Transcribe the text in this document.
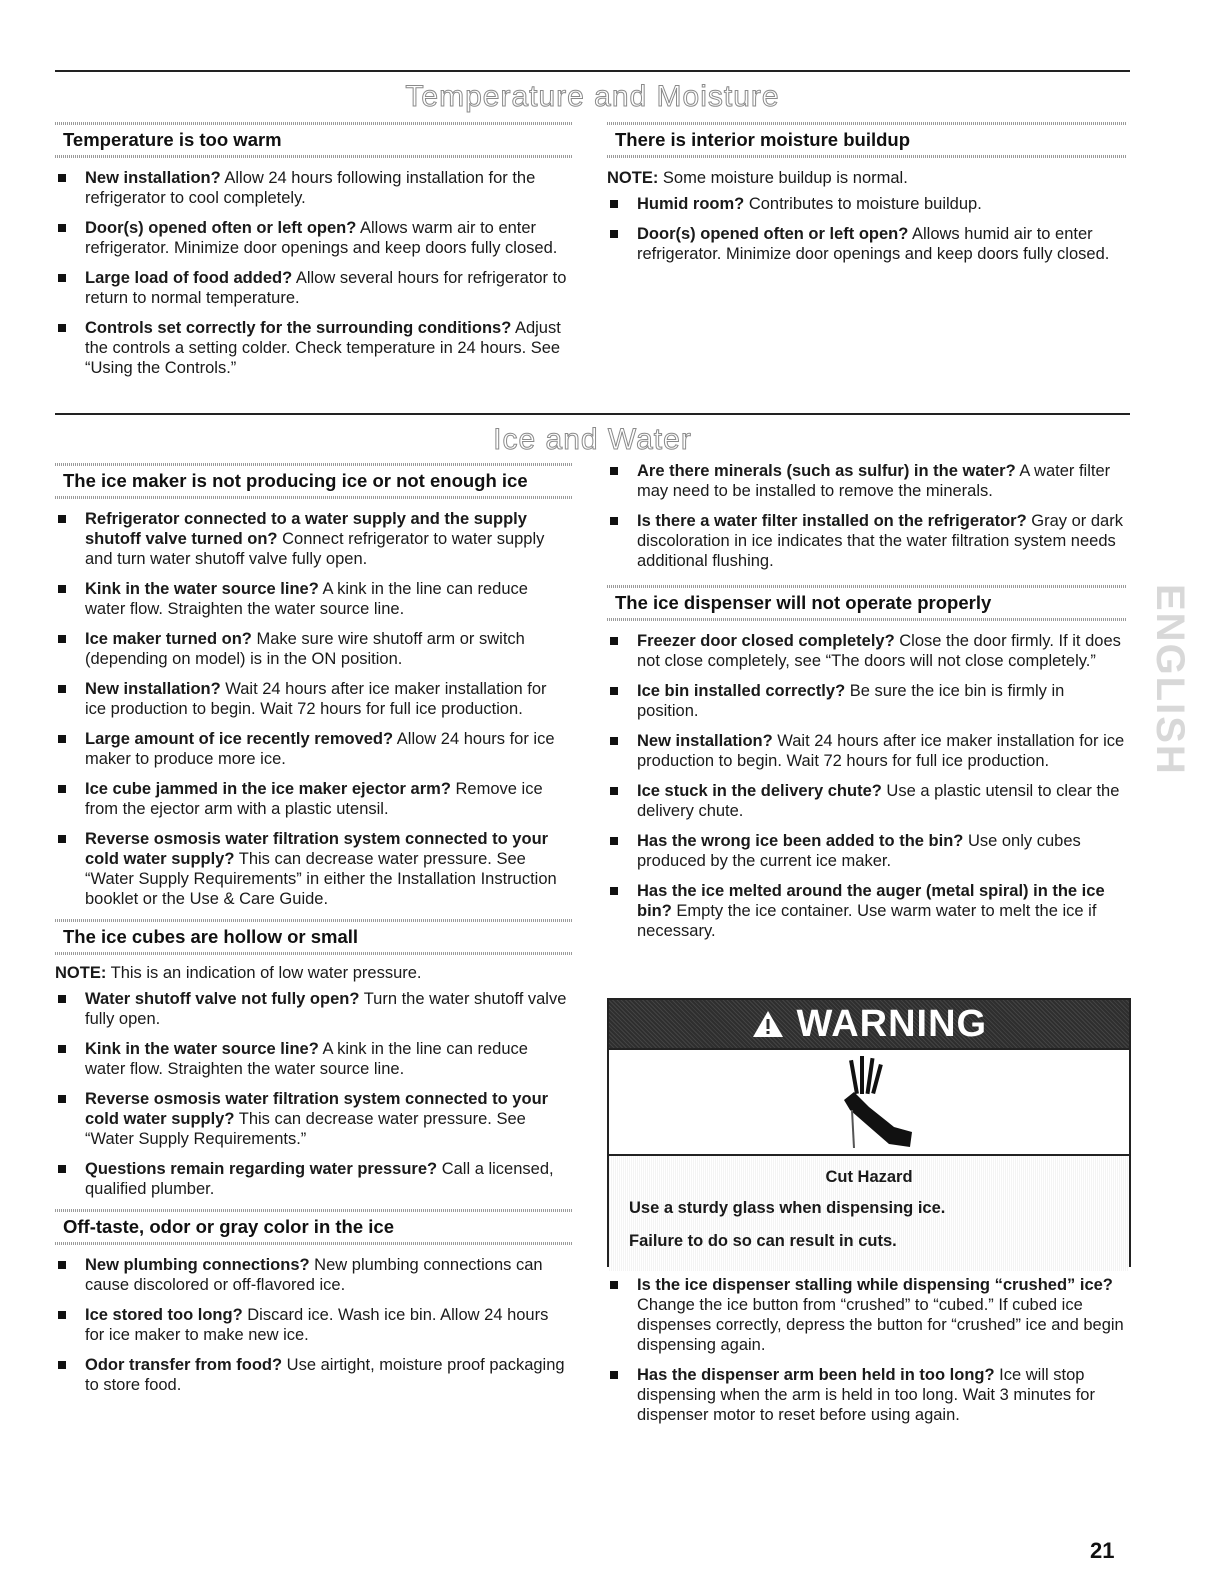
Temperature and Moisture
Temperature is too warm
New installation? Allow 24 hours following installation for the refrigerator to cool completely.
Door(s) opened often or left open? Allows warm air to enter refrigerator. Minimize door openings and keep doors fully closed.
Large load of food added? Allow several hours for refrigerator to return to normal temperature.
Controls set correctly for the surrounding conditions? Adjust the controls a setting colder. Check temperature in 24 hours. See “Using the Controls.”
There is interior moisture buildup
NOTE: Some moisture buildup is normal.
Humid room? Contributes to moisture buildup.
Door(s) opened often or left open? Allows humid air to enter refrigerator. Minimize door openings and keep doors fully closed.
Ice and Water
The ice maker is not producing ice or not enough ice
Refrigerator connected to a water supply and the supply shutoff valve turned on? Connect refrigerator to water supply and turn water shutoff valve fully open.
Kink in the water source line? A kink in the line can reduce water flow. Straighten the water source line.
Ice maker turned on? Make sure wire shutoff arm or switch (depending on model) is in the ON position.
New installation? Wait 24 hours after ice maker installation for ice production to begin. Wait 72 hours for full ice production.
Large amount of ice recently removed? Allow 24 hours for ice maker to produce more ice.
Ice cube jammed in the ice maker ejector arm? Remove ice from the ejector arm with a plastic utensil.
Reverse osmosis water filtration system connected to your cold water supply? This can decrease water pressure. See “Water Supply Requirements” in either the Installation Instruction booklet or the Use & Care Guide.
The ice cubes are hollow or small
NOTE: This is an indication of low water pressure.
Water shutoff valve not fully open? Turn the water shutoff valve fully open.
Kink in the water source line? A kink in the line can reduce water flow. Straighten the water source line.
Reverse osmosis water filtration system connected to your cold water supply? This can decrease water pressure. See “Water Supply Requirements.”
Questions remain regarding water pressure? Call a licensed, qualified plumber.
Off-taste, odor or gray color in the ice
New plumbing connections? New plumbing connections can cause discolored or off-flavored ice.
Ice stored too long? Discard ice. Wash ice bin. Allow 24 hours for ice maker to make new ice.
Odor transfer from food? Use airtight, moisture proof packaging to store food.
Are there minerals (such as sulfur) in the water? A water filter may need to be installed to remove the minerals.
Is there a water filter installed on the refrigerator? Gray or dark discoloration in ice indicates that the water filtration system needs additional flushing.
The ice dispenser will not operate properly
Freezer door closed completely? Close the door firmly. If it does not close completely, see “The doors will not close completely.”
Ice bin installed correctly? Be sure the ice bin is firmly in position.
New installation? Wait 24 hours after ice maker installation for ice production to begin. Wait 72 hours for full ice production.
Ice stuck in the delivery chute? Use a plastic utensil to clear the delivery chute.
Has the wrong ice been added to the bin? Use only cubes produced by the current ice maker.
Has the ice melted around the auger (metal spiral) in the ice bin? Empty the ice container. Use warm water to melt the ice if necessary.
WARNING
Cut Hazard
Use a sturdy glass when dispensing ice.
Failure to do so can result in cuts.
Is the ice dispenser stalling while dispensing “crushed” ice? Change the ice button from “crushed” to “cubed.” If cubed ice dispenses correctly, depress the button for “crushed” ice and begin dispensing again.
Has the dispenser arm been held in too long? Ice will stop dispensing when the arm is held in too long. Wait 3 minutes for dispenser motor to reset before using again.
ENGLISH
21
